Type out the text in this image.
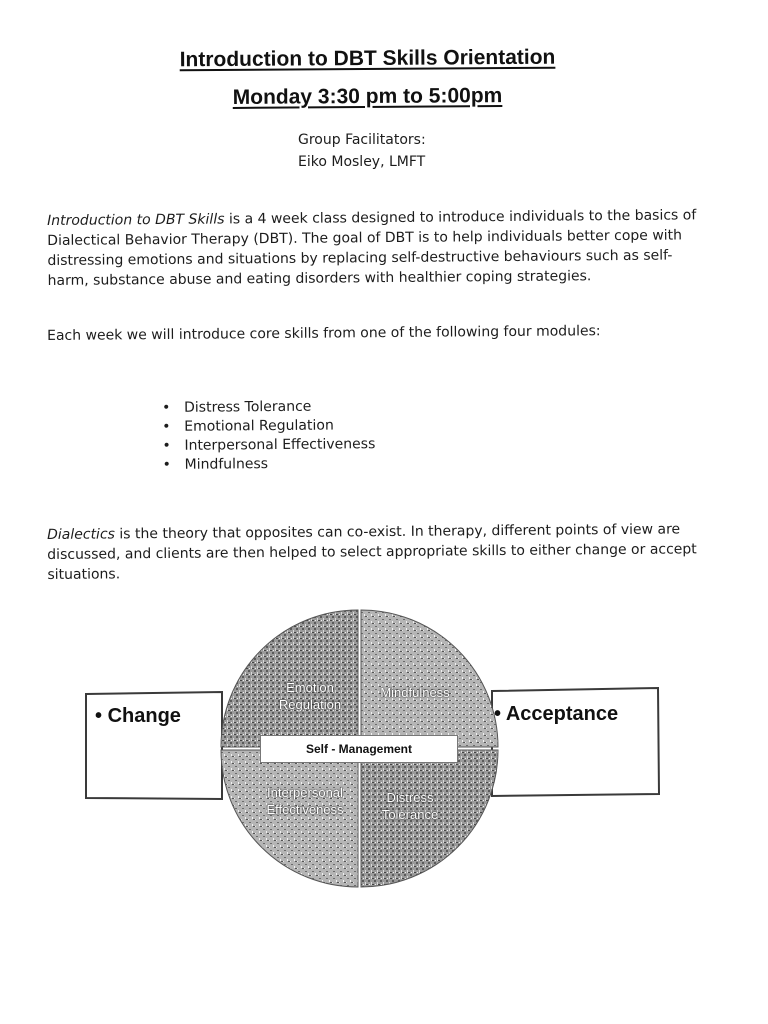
Introduction to DBT Skills Orientation
Monday 3:30 pm to 5:00pm
Group Facilitators:
Eiko Mosley, LMFT

Introduction to DBT Skills is a 4 week class designed to introduce individuals to the basics of Dialectical Behavior Therapy (DBT). The goal of DBT is to help individuals better cope with distressing emotions and situations by replacing self-destructive behaviours such as self-harm, substance abuse and eating disorders with healthier coping strategies.

Each week we will introduce core skills from one of the following four modules:

• Distress Tolerance
• Emotional Regulation
• Interpersonal Effectiveness
• Mindfulness

Dialectics is the theory that opposites can co-exist. In therapy, different points of view are discussed, and clients are then helped to select appropriate skills to either change or accept situations.

• Change	• Acceptance
Emotion Regulation
Mindfulness
Interpersonal Effectiveness
Distress Tolerance
Self - Management
